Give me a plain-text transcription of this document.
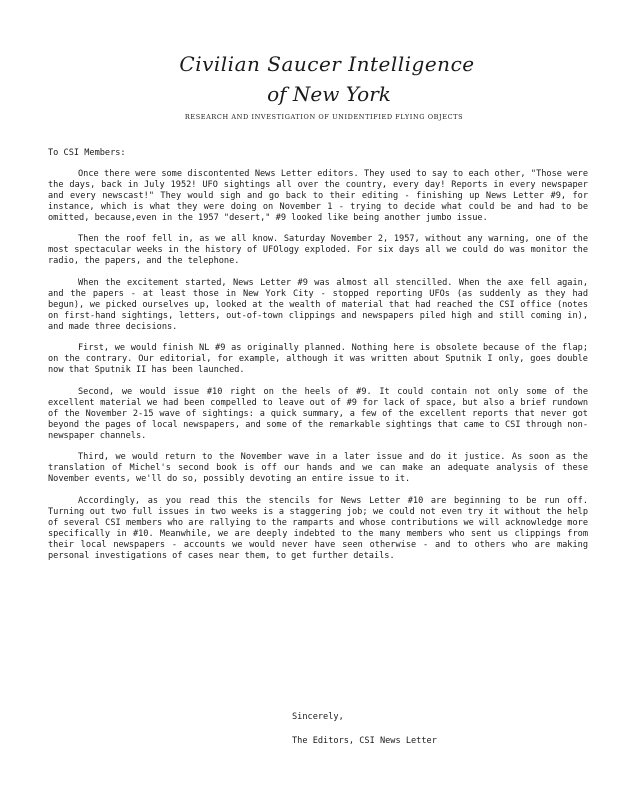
Civilian Saucer Intelligence
of New York
RESEARCH AND INVESTIGATION OF UNIDENTIFIED FLYING OBJECTS

To CSI Members:

Once there were some discontented News Letter editors. They used to say to each other, "Those were the days, back in July 1952! UFO sightings all over the country, every day! Reports in every newspaper and every newscast!" They would sigh and go back to their editing - finishing up News Letter #9, for instance, which is what they were doing on November 1 - trying to decide what could be and had to be omitted, because,even in the 1957 "desert," #9 looked like being another jumbo issue.

Then the roof fell in, as we all know. Saturday November 2, 1957, without any warning, one of the most spectacular weeks in the history of UFOlogy exploded. For six days all we could do was monitor the radio, the papers, and the telephone.

When the excitement started, News Letter #9 was almost all stencilled. When the axe fell again, and the papers - at least those in New York City - stopped reporting UFOs (as suddenly as they had begun), we picked ourselves up, looked at the wealth of material that had reached the CSI office (notes on first-hand sightings, letters, out-of-town clippings and newspapers piled high and still coming in), and made three decisions.

First, we would finish NL #9 as originally planned. Nothing here is obsolete because of the flap; on the contrary. Our editorial, for example, although it was written about Sputnik I only, goes double now that Sputnik II has been launched.

Second, we would issue #10 right on the heels of #9. It could contain not only some of the excellent material we had been compelled to leave out of #9 for lack of space, but also a brief rundown of the November 2-15 wave of sightings: a quick summary, a few of the excellent reports that never got beyond the pages of local newspapers, and some of the remarkable sightings that came to CSI through non-newspaper channels.

Third, we would return to the November wave in a later issue and do it justice. As soon as the translation of Michel's second book is off our hands and we can make an adequate analysis of these November events, we'll do so, possibly devoting an entire issue to it.

Accordingly, as you read this the stencils for News Letter #10 are beginning to be run off. Turning out two full issues in two weeks is a staggering job; we could not even try it without the help of several CSI members who are rallying to the ramparts and whose contributions we will acknowledge more specifically in #10. Meanwhile, we are deeply indebted to the many members who sent us clippings from their local newspapers - accounts we would never have seen otherwise - and to others who are making personal investigations of cases near them, to get further details.

Sincerely,
The Editors, CSI News Letter
